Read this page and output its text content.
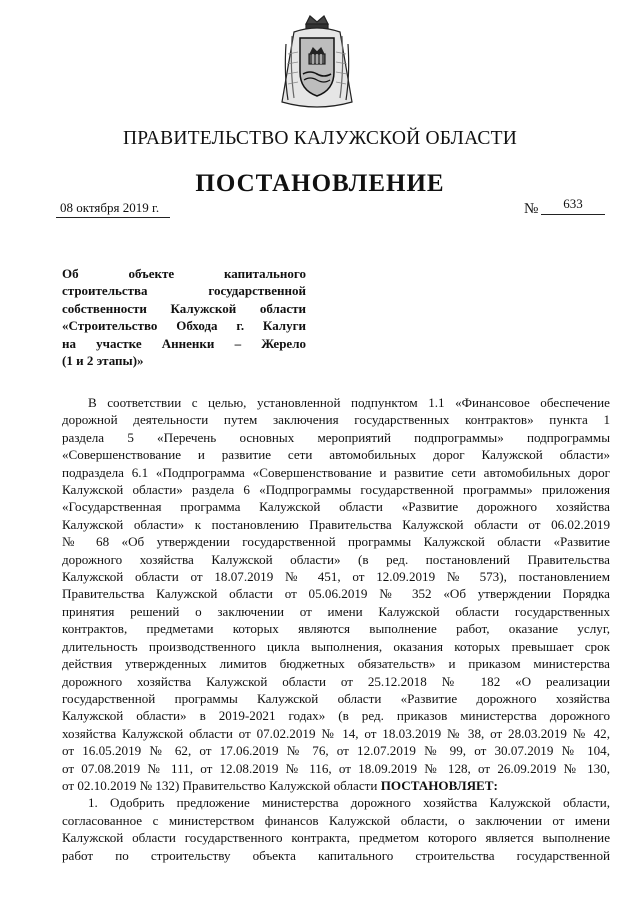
ПРАВИТЕЛЬСТВО КАЛУЖСКОЙ ОБЛАСТИ
ПОСТАНОВЛЕНИЕ
08 октября 2019 г.	№	633
Об объекте капитального
строительства государственной
собственности Калужской области
«Строительство Обхода г. Калуги
на участке Анненки – Жерело
(1 и 2 этапы)»
В соответствии с целью, установленной подпунктом 1.1 «Финансовое обеспечение
дорожной деятельности путем заключения государственных контрактов» пункта 1
раздела 5 «Перечень основных мероприятий подпрограммы» подпрограммы
«Совершенствование и развитие сети автомобильных дорог Калужской области»
подраздела 6.1 «Подпрограмма «Совершенствование и развитие сети автомобильных дорог
Калужской области» раздела 6 «Подпрограммы государственной программы» приложения
«Государственная программа Калужской области «Развитие дорожного хозяйства
Калужской области» к постановлению Правительства Калужской области от 06.02.2019
№ 68 «Об утверждении государственной программы Калужской области «Развитие
дорожного хозяйства Калужской области» (в ред. постановлений Правительства
Калужской области от 18.07.2019 № 451, от 12.09.2019 № 573), постановлением
Правительства Калужской области от 05.06.2019 № 352 «Об утверждении Порядка
принятия решений о заключении от имени Калужской области государственных
контрактов, предметами которых являются выполнение работ, оказание услуг,
длительность производственного цикла выполнения, оказания которых превышает срок
действия утвержденных лимитов бюджетных обязательств» и приказом министерства
дорожного хозяйства Калужской области от 25.12.2018 № 182 «О реализации
государственной программы Калужской области «Развитие дорожного хозяйства
Калужской области» в 2019-2021 годах» (в ред. приказов министерства дорожного
хозяйства Калужской области от 07.02.2019 № 14, от 18.03.2019 № 38, от 28.03.2019 № 42,
от 16.05.2019 № 62, от 17.06.2019 № 76, от 12.07.2019 № 99, от 30.07.2019 № 104,
от 07.08.2019 № 111, от 12.08.2019 № 116, от 18.09.2019 № 128, от 26.09.2019 № 130,
от 02.10.2019 № 132) Правительство Калужской области ПОСТАНОВЛЯЕТ:
1. Одобрить предложение министерства дорожного хозяйства Калужской области,
согласованное с министерством финансов Калужской области, о заключении от имени
Калужской области государственного контракта, предметом которого является выполнение
работ по строительству объекта капитального строительства государственной
